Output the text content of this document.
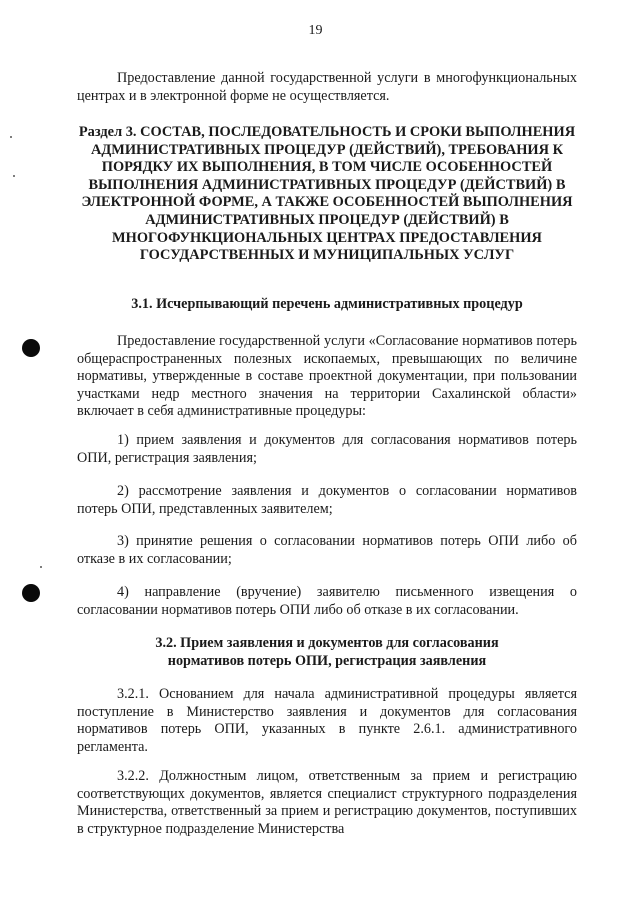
19

Предоставление данной государственной услуги в многофункциональных центрах и в электронной форме не осуществляется.

Раздел 3. СОСТАВ, ПОСЛЕДОВАТЕЛЬНОСТЬ И СРОКИ ВЫПОЛНЕНИЯ АДМИНИСТРАТИВНЫХ ПРОЦЕДУР (ДЕЙСТВИЙ), ТРЕБОВАНИЯ К ПОРЯДКУ ИХ ВЫПОЛНЕНИЯ, В ТОМ ЧИСЛЕ ОСОБЕННОСТЕЙ ВЫПОЛНЕНИЯ АДМИНИСТРАТИВНЫХ ПРОЦЕДУР (ДЕЙСТВИЙ) В ЭЛЕКТРОННОЙ ФОРМЕ, А ТАКЖЕ ОСОБЕННОСТЕЙ ВЫПОЛНЕНИЯ АДМИНИСТРАТИВНЫХ ПРОЦЕДУР (ДЕЙСТВИЙ) В МНОГОФУНКЦИОНАЛЬНЫХ ЦЕНТРАХ ПРЕДОСТАВЛЕНИЯ ГОСУДАРСТВЕННЫХ И МУНИЦИПАЛЬНЫХ УСЛУГ
3.1. Исчерпывающий перечень административных процедур

Предоставление государственной услуги «Согласование нормативов потерь общераспространенных полезных ископаемых, превышающих по величине нормативы, утвержденные в составе проектной документации, при пользовании участками недр местного значения на территории Сахалинской области» включает в себя административные процедуры:

1) прием заявления и документов для согласования нормативов потерь ОПИ, регистрация заявления;

2) рассмотрение заявления и документов о согласовании нормативов потерь ОПИ, представленных заявителем;

3) принятие решения о согласовании нормативов потерь ОПИ либо об отказе в их согласовании;

4) направление (вручение) заявителю письменного извещения о согласовании нормативов потерь ОПИ либо об отказе в их согласовании.

3.2. Прием заявления и документов для согласования
нормативов потерь ОПИ, регистрация заявления

3.2.1. Основанием для начала административной процедуры является поступление в Министерство заявления и документов для согласования нормативов потерь ОПИ, указанных в пункте 2.6.1. административного регламента.

3.2.2. Должностным лицом, ответственным за прием и регистрацию соответствующих документов, является специалист структурного подразделения Министерства, ответственный за прием и регистрацию документов, поступивших в структурное подразделение Министерства
